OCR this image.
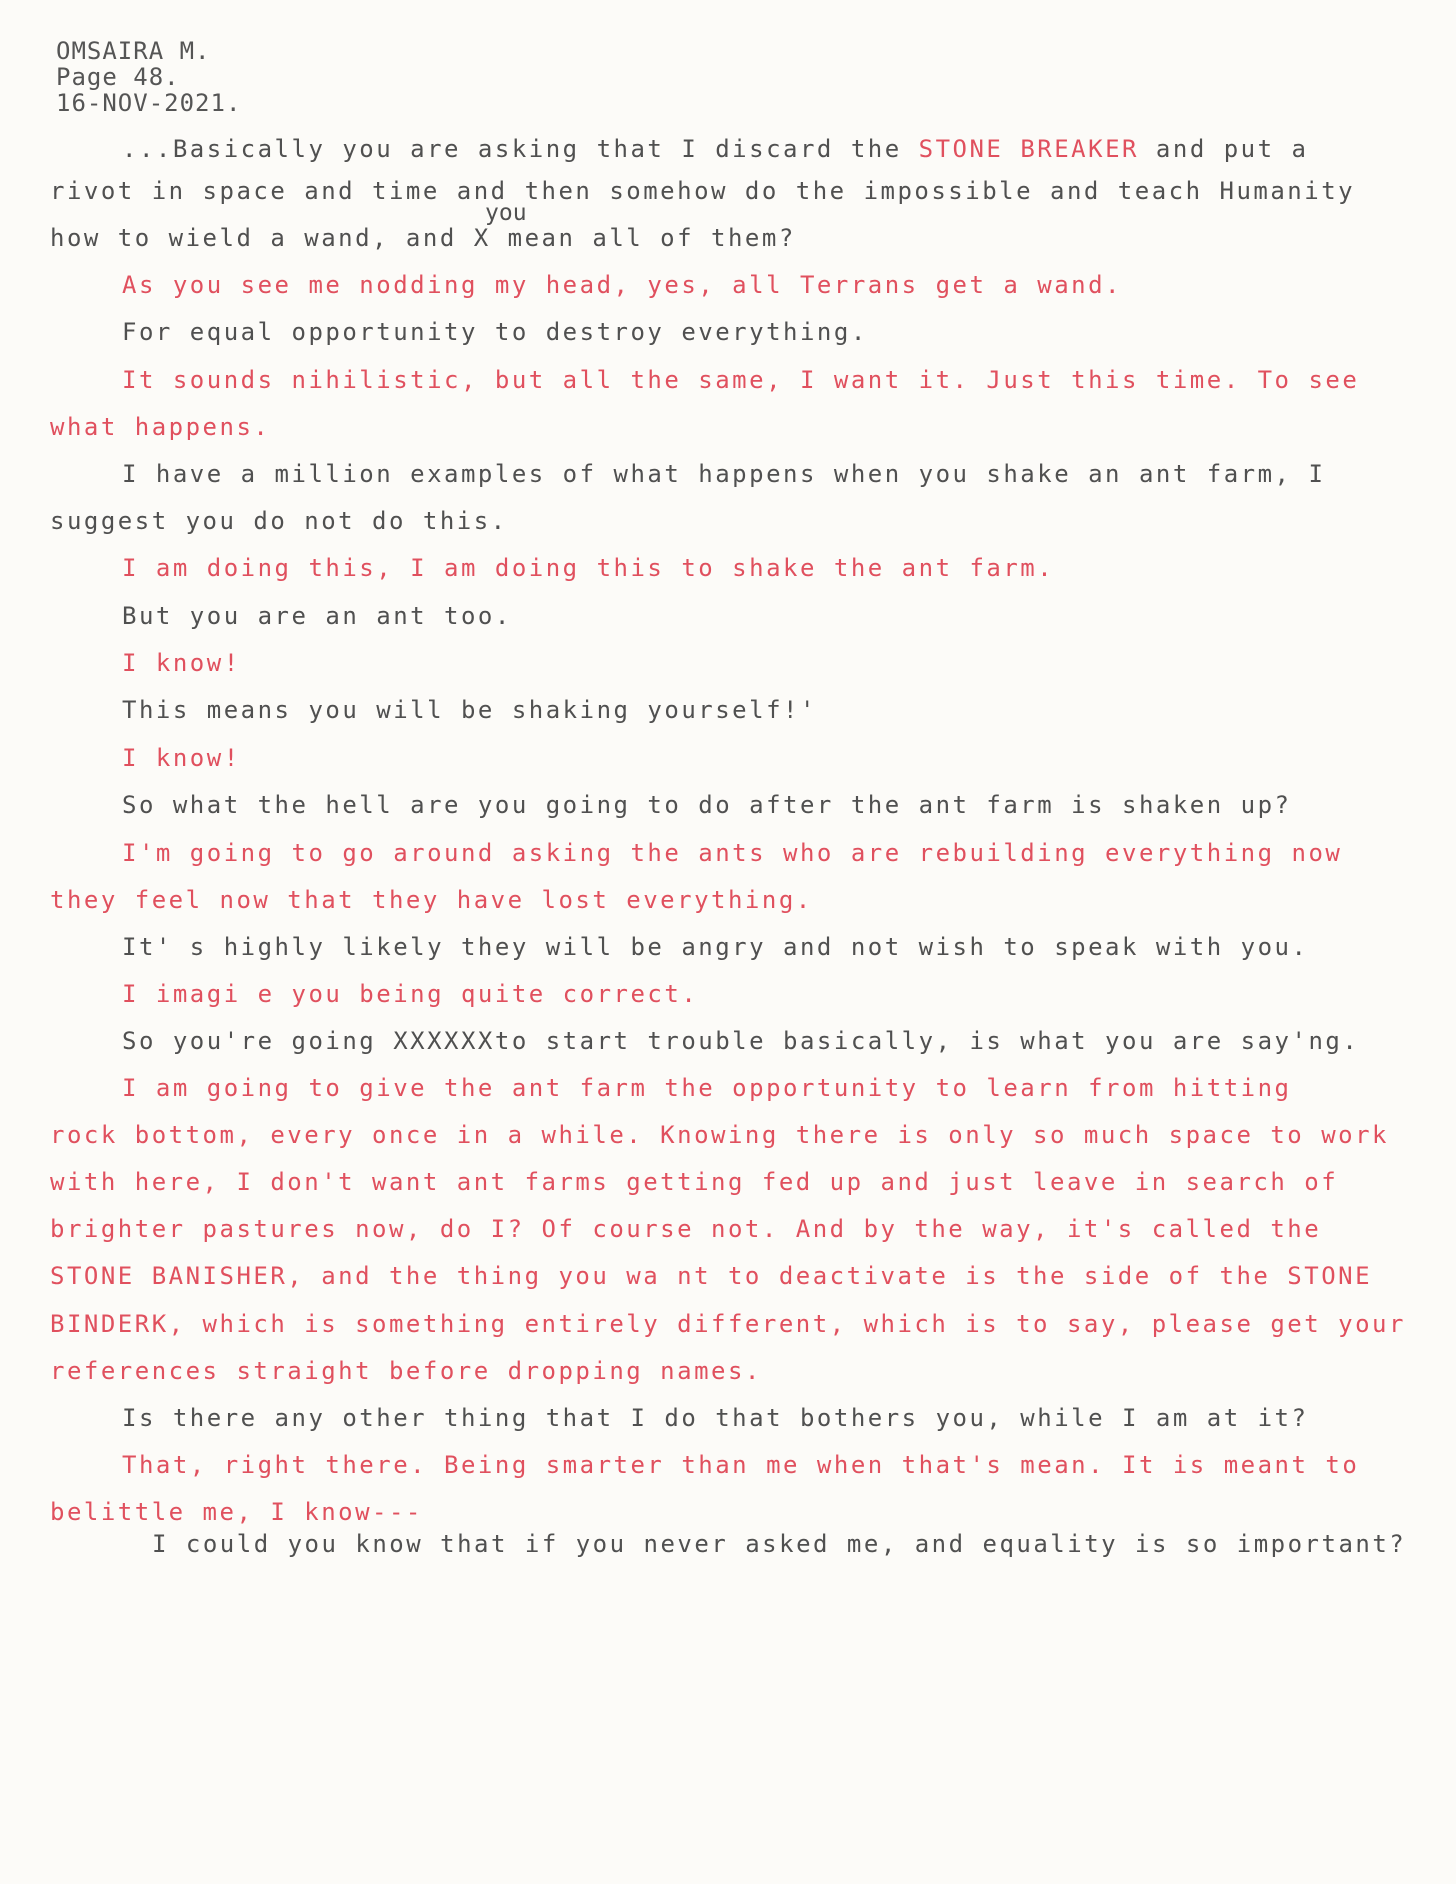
OMSAIRA M.
Page 48.
16-NOV-2021.
you
...Basically you are asking that I discard the STONE BREAKER and put a
rivot in space and time and then somehow do the impossible and teach Humanity
how to wield a wand, and X mean all of them?
As you see me nodding my head, yes, all Terrans get a wand.
For equal opportunity to destroy everything.
It sounds nihilistic, but all the same, I want it. Just this time. To see
what happens.
I have a million examples of what happens when you shake an ant farm, I
suggest you do not do this.
I am doing this, I am doing this to shake the ant farm.
But you are an ant too.
I know!
This means you will be shaking yourself!'
I know!
So what the hell are you going to do after the ant farm is shaken up?
I'm going to go around asking the ants who are rebuilding everything now
they feel now that they have lost everything.
It' s highly likely they will be angry and not wish to speak with you.
I imagi e you being quite correct.
So you're going XXXXXXto start trouble basically, is what you are say'ng.
I am going to give the ant farm the opportunity to learn from hitting
rock bottom, every once in a while. Knowing there is only so much space to work
with here, I don't want ant farms getting fed up and just leave in search of
brighter pastures now, do I? Of course not. And by the way, it's called the
STONE BANISHER, and the thing you wa nt to deactivate is the side of the STONE
BINDERK, which is something entirely different, which is to say, please get your
references straight before dropping names.
Is there any other thing that I do that bothers you, while I am at it?
That, right there. Being smarter than me when that's mean. It is meant to
belittle me, I know---
I could you know that if you never asked me, and equality is so important?
